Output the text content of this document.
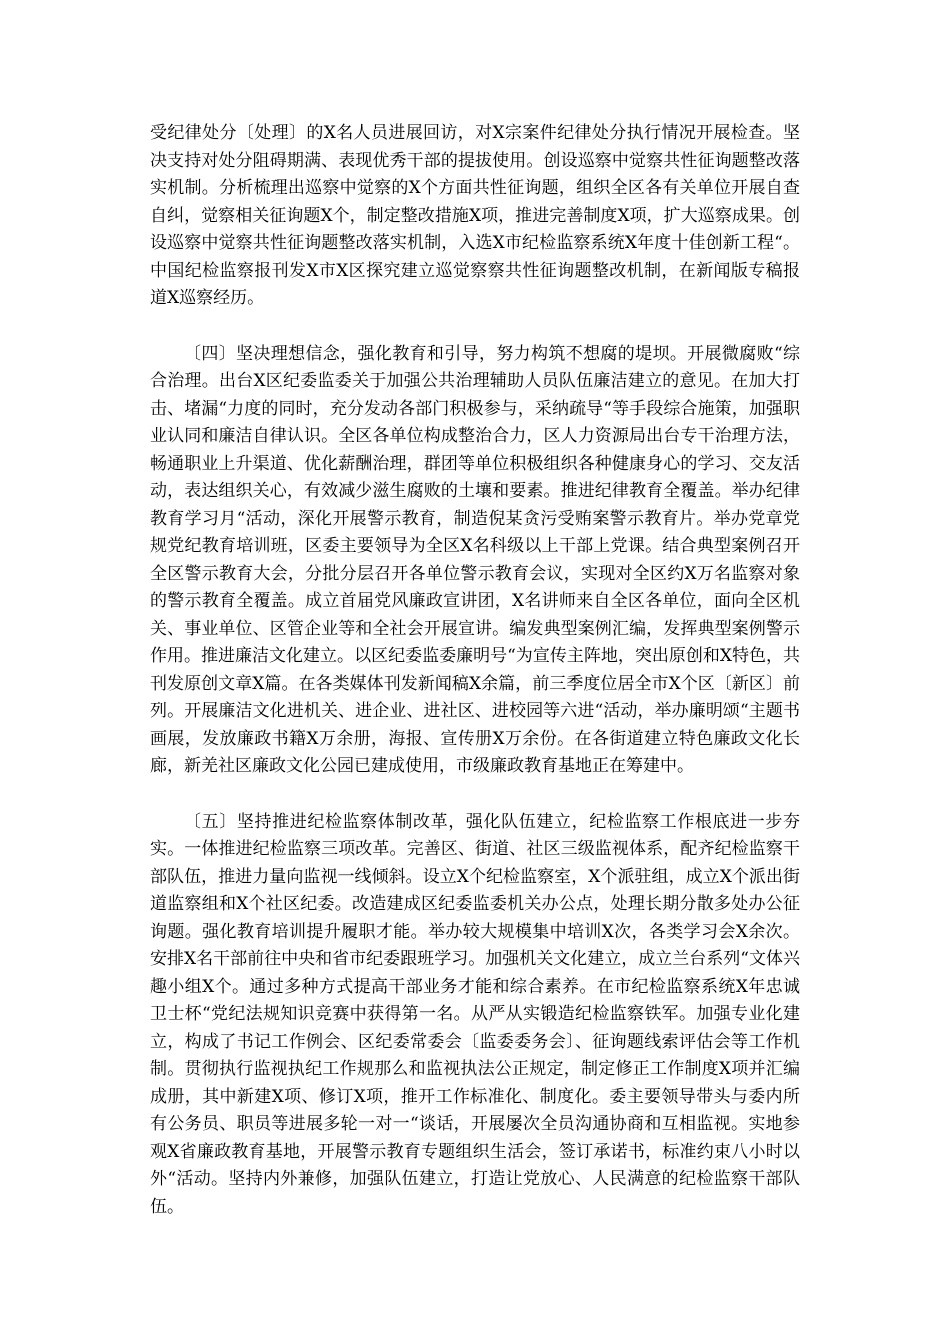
受纪律处分〔处理〕的X名人员进展回访，对X宗案件纪律处分执行情况开展检查。坚决支持对处分阻碍期满、表现优秀干部的提拔使用。创设巡察中觉察共性征询题整改落实机制。分析梳理出巡察中觉察的X个方面共性征询题，组织全区各有关单位开展自查自纠，觉察相关征询题X个，制定整改措施X项，推进完善制度X项，扩大巡察成果。创设巡察中觉察共性征询题整改落实机制，入选X市纪检监察系统X年度十佳创新工程“。中国纪检监察报刊发X市X区探究建立巡觉察察共性征询题整改机制，在新闻版专稿报道X巡察经历。

〔四〕坚决理想信念，强化教育和引导，努力构筑不想腐的堤坝。开展微腐败“综合治理。出台X区纪委监委关于加强公共治理辅助人员队伍廉洁建立的意见。在加大打击、堵漏“力度的同时，充分发动各部门积极参与，采纳疏导“等手段综合施策，加强职业认同和廉洁自律认识。全区各单位构成整治合力，区人力资源局出台专干治理方法，畅通职业上升渠道、优化薪酬治理，群团等单位积极组织各种健康身心的学习、交友活动，表达组织关心，有效减少滋生腐败的土壤和要素。推进纪律教育全覆盖。举办纪律教育学习月“活动，深化开展警示教育，制造倪某贪污受贿案警示教育片。举办党章党规党纪教育培训班，区委主要领导为全区X名科级以上干部上党课。结合典型案例召开全区警示教育大会，分批分层召开各单位警示教育会议，实现对全区约X万名监察对象的警示教育全覆盖。成立首届党风廉政宣讲团，X名讲师来自全区各单位，面向全区机关、事业单位、区管企业等和全社会开展宣讲。编发典型案例汇编，发挥典型案例警示作用。推进廉洁文化建立。以区纪委监委廉明号“为宣传主阵地，突出原创和X特色，共刊发原创文章X篇。在各类媒体刊发新闻稿X余篇，前三季度位居全市X个区〔新区〕前列。开展廉洁文化进机关、进企业、进社区、进校园等六进“活动，举办廉明颂“主题书画展，发放廉政书籍X万余册，海报、宣传册X万余份。在各街道建立特色廉政文化长廊，新羌社区廉政文化公园已建成使用，市级廉政教育基地正在筹建中。

〔五〕坚持推进纪检监察体制改革，强化队伍建立，纪检监察工作根底进一步夯实。一体推进纪检监察三项改革。完善区、街道、社区三级监视体系，配齐纪检监察干部队伍，推进力量向监视一线倾斜。设立X个纪检监察室，X个派驻组，成立X个派出街道监察组和X个社区纪委。改造建成区纪委监委机关办公点，处理长期分散多处办公征询题。强化教育培训提升履职才能。举办较大规模集中培训X次，各类学习会X余次。安排X名干部前往中央和省市纪委跟班学习。加强机关文化建立，成立兰台系列“文体兴趣小组X个。通过多种方式提高干部业务才能和综合素养。在市纪检监察系统X年忠诚卫士杯“党纪法规知识竞赛中获得第一名。从严从实锻造纪检监察铁军。加强专业化建立，构成了书记工作例会、区纪委常委会〔监委委务会〕、征询题线索评估会等工作机制。贯彻执行监视执纪工作规那么和监视执法公正规定，制定修正工作制度X项并汇编成册，其中新建X项、修订X项，推开工作标准化、制度化。委主要领导带头与委内所有公务员、职员等进展多轮一对一“谈话，开展屡次全员沟通协商和互相监视。实地参观X省廉政教育基地，开展警示教育专题组织生活会，签订承诺书，标准约束八小时以外“活动。坚持内外兼修，加强队伍建立，打造让党放心、人民满意的纪检监察干部队伍。
